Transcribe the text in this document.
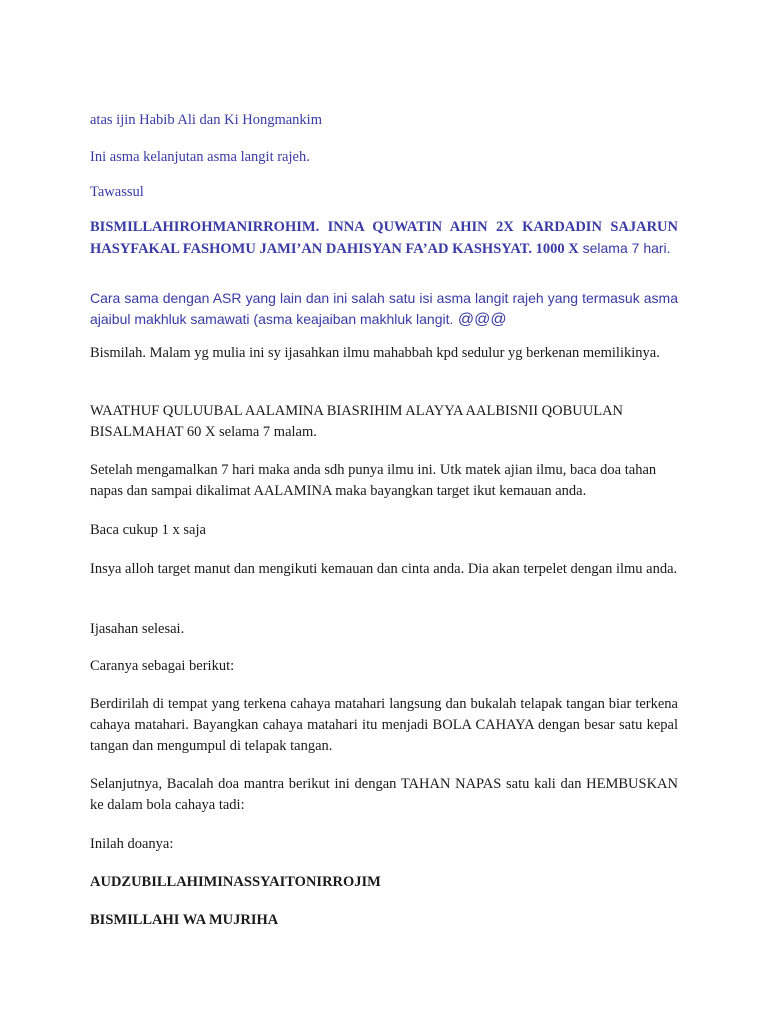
atas ijin Habib Ali dan Ki Hongmankim

Ini asma kelanjutan asma langit rajeh.

Tawassul

BISMILLAHIROHMANIRROHIM. INNA QUWATIN AHIN 2X KARDADIN SAJARUN HASYFAKAL FASHOMU JAMI’AN DAHISYAN FA’AD KASHSYAT. 1000 X selama 7 hari.

Cara sama dengan ASR yang lain dan ini salah satu isi asma langit rajeh yang termasuk asma ajaibul makhluk samawati (asma keajaiban makhluk langit. @@@

Bismilah. Malam yg mulia ini sy ijasahkan ilmu mahabbah kpd sedulur yg berkenan memilikinya.

WAATHUF QULUUBAL AALAMINA BIASRIHIM ALAYYA AALBISNII QOBUULAN BISALMAHAT 60 X selama 7 malam.

Setelah mengamalkan 7 hari maka anda sdh punya ilmu ini. Utk matek ajian ilmu, baca doa tahan napas dan sampai dikalimat AALAMINA maka bayangkan target ikut kemauan anda.

Baca cukup 1 x saja

Insya alloh target manut dan mengikuti kemauan dan cinta anda. Dia akan terpelet dengan ilmu anda.

Ijasahan selesai.

Caranya sebagai berikut:

Berdirilah di tempat yang terkena cahaya matahari langsung dan bukalah telapak tangan biar terkena cahaya matahari. Bayangkan cahaya matahari itu menjadi BOLA CAHAYA dengan besar satu kepal tangan dan mengumpul di telapak tangan.

Selanjutnya, Bacalah doa mantra berikut ini dengan TAHAN NAPAS satu kali dan HEMBUSKAN ke dalam bola cahaya tadi:

Inilah doanya:

AUDZUBILLAHIMINASSYAITONIRROJIM

BISMILLAHI WA MUJRIHA
